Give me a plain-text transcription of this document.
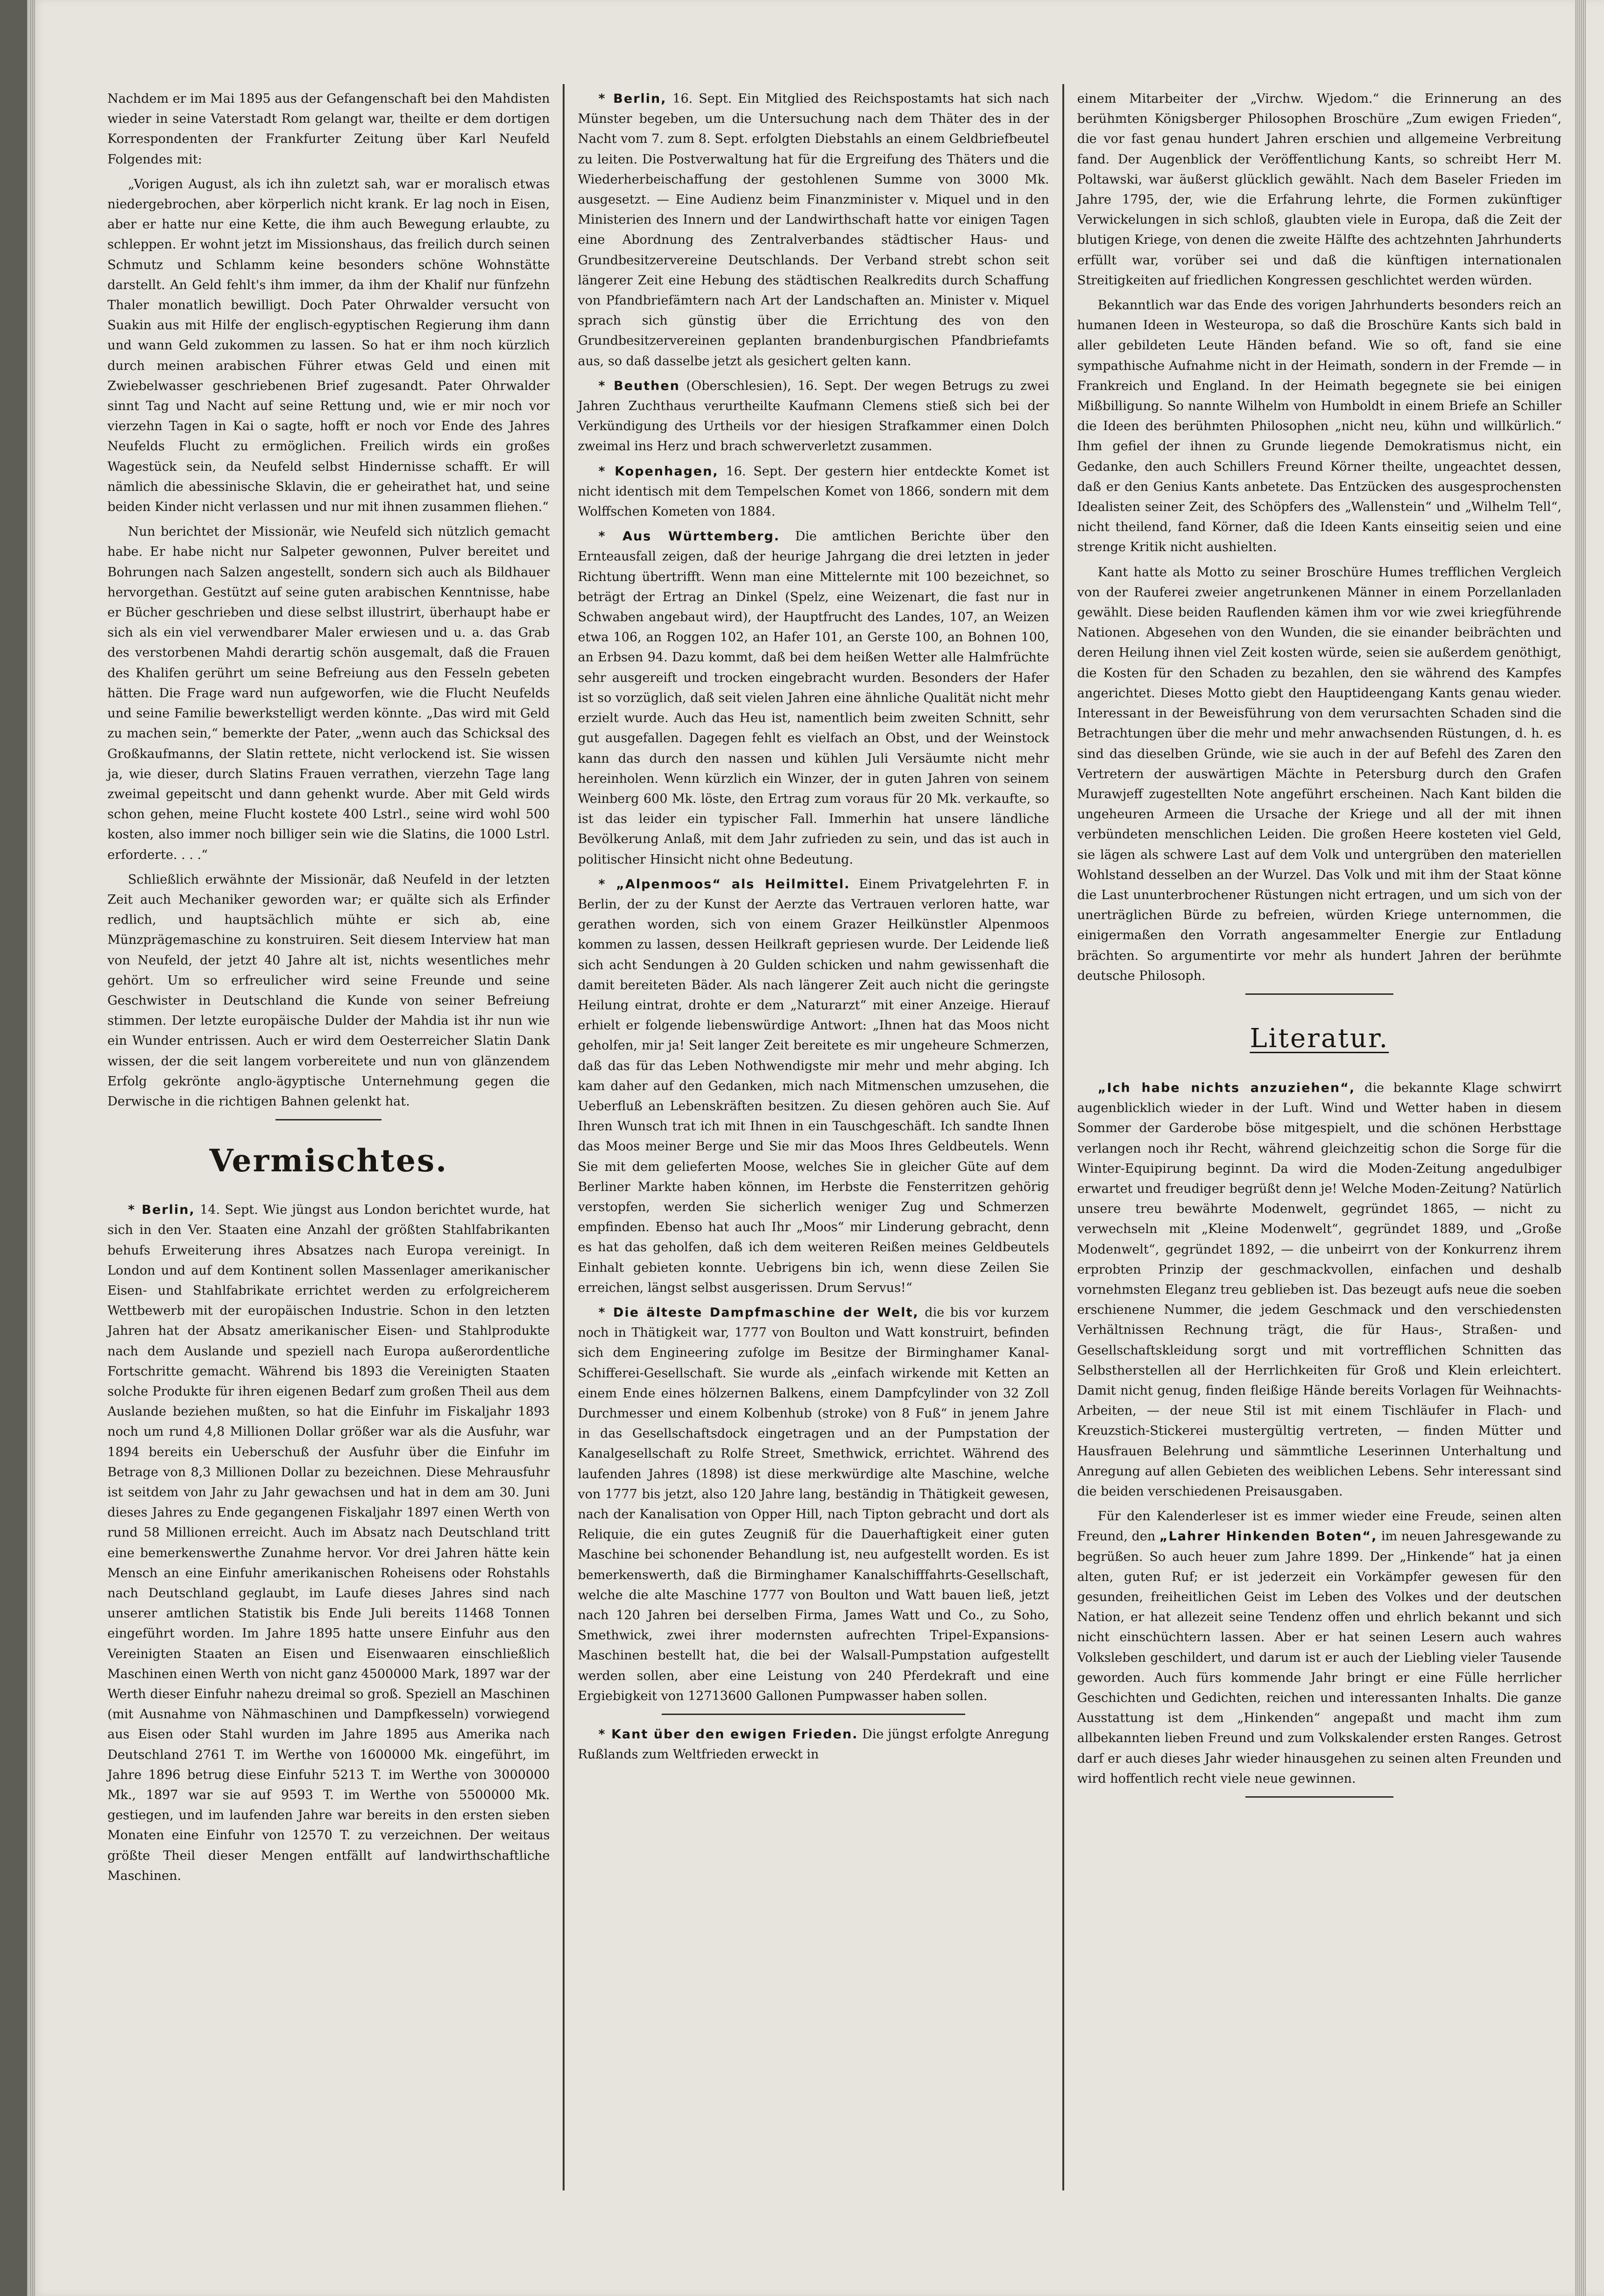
Nachdem er im Mai 1895 aus der Gefangenschaft bei den Mahdisten wieder in seine Vaterstadt Rom gelangt war, theilte er dem dortigen Korrespondenten der Frankfurter Zeitung über Karl Neufeld Folgendes mit:

„Vorigen August, als ich ihn zuletzt sah, war er moralisch etwas niedergebrochen, aber körperlich nicht krank. Er lag noch in Eisen, aber er hatte nur eine Kette, die ihm auch Bewegung erlaubte, zu schleppen. Er wohnt jetzt im Missionshaus, das freilich durch seinen Schmutz und Schlamm keine besonders schöne Wohnstätte darstellt. An Geld fehlt's ihm immer, da ihm der Khalif nur fünfzehn Thaler monatlich bewilligt. Doch Pater Ohrwalder versucht von Suakin aus mit Hilfe der englisch-egyptischen Regierung ihm dann und wann Geld zukommen zu lassen. So hat er ihm noch kürzlich durch meinen arabischen Führer etwas Geld und einen mit Zwiebelwasser geschriebenen Brief zugesandt. Pater Ohrwalder sinnt Tag und Nacht auf seine Rettung und, wie er mir noch vor vierzehn Tagen in Kai o sagte, hofft er noch vor Ende des Jahres Neufelds Flucht zu ermöglichen. Freilich wirds ein großes Wagestück sein, da Neufeld selbst Hindernisse schafft. Er will nämlich die abessinische Sklavin, die er geheirathet hat, und seine beiden Kinder nicht verlassen und nur mit ihnen zusammen fliehen.“

Nun berichtet der Missionär, wie Neufeld sich nützlich gemacht habe. Er habe nicht nur Salpeter gewonnen, Pulver bereitet und Bohrungen nach Salzen angestellt, sondern sich auch als Bildhauer hervorgethan. Gestützt auf seine guten arabischen Kenntnisse, habe er Bücher geschrieben und diese selbst illustrirt, überhaupt habe er sich als ein viel verwendbarer Maler erwiesen und u. a. das Grab des verstorbenen Mahdi derartig schön ausgemalt, daß die Frauen des Khalifen gerührt um seine Befreiung aus den Fesseln gebeten hätten. Die Frage ward nun aufgeworfen, wie die Flucht Neufelds und seine Familie bewerkstelligt werden könnte. „Das wird mit Geld zu machen sein,“ bemerkte der Pater, „wenn auch das Schicksal des Großkaufmanns, der Slatin rettete, nicht verlockend ist. Sie wissen ja, wie dieser, durch Slatins Frauen verrathen, vierzehn Tage lang zweimal gepeitscht und dann gehenkt wurde. Aber mit Geld wirds schon gehen, meine Flucht kostete 400 Lstrl., seine wird wohl 500 kosten, also immer noch billiger sein wie die Slatins, die 1000 Lstrl. erforderte. . . .“

Schließlich erwähnte der Missionär, daß Neufeld in der letzten Zeit auch Mechaniker geworden war; er quälte sich als Erfinder redlich, und hauptsächlich mühte er sich ab, eine Münzprägemaschine zu konstruiren. Seit diesem Interview hat man von Neufeld, der jetzt 40 Jahre alt ist, nichts wesentliches mehr gehört. Um so erfreulicher wird seine Freunde und seine Geschwister in Deutschland die Kunde von seiner Befreiung stimmen. Der letzte europäische Dulder der Mahdia ist ihr nun wie ein Wunder entrissen. Auch er wird dem Oesterreicher Slatin Dank wissen, der die seit langem vorbereitete und nun von glänzendem Erfolg gekrönte anglo-ägyptische Unternehmung gegen die Derwische in die richtigen Bahnen gelenkt hat.

Vermischtes.

* Berlin, 14. Sept. Wie jüngst aus London berichtet wurde, hat sich in den Ver. Staaten eine Anzahl der größten Stahlfabrikanten behufs Erweiterung ihres Absatzes nach Europa vereinigt. In London und auf dem Kontinent sollen Massenlager amerikanischer Eisen- und Stahlfabrikate errichtet werden zu erfolgreicherem Wettbewerb mit der europäischen Industrie. Schon in den letzten Jahren hat der Absatz amerikanischer Eisen- und Stahlprodukte nach dem Auslande und speziell nach Europa außerordentliche Fortschritte gemacht. Während bis 1893 die Vereinigten Staaten solche Produkte für ihren eigenen Bedarf zum großen Theil aus dem Auslande beziehen mußten, so hat die Einfuhr im Fiskaljahr 1893 noch um rund 4,8 Millionen Dollar größer war als die Ausfuhr, war 1894 bereits ein Ueberschuß der Ausfuhr über die Einfuhr im Betrage von 8,3 Millionen Dollar zu bezeichnen. Diese Mehrausfuhr ist seitdem von Jahr zu Jahr gewachsen und hat in dem am 30. Juni dieses Jahres zu Ende gegangenen Fiskaljahr 1897 einen Werth von rund 58 Millionen erreicht. Auch im Absatz nach Deutschland tritt eine bemerkenswerthe Zunahme hervor. Vor drei Jahren hätte kein Mensch an eine Einfuhr amerikanischen Roheisens oder Rohstahls nach Deutschland geglaubt, im Laufe dieses Jahres sind nach unserer amtlichen Statistik bis Ende Juli bereits 11468 Tonnen eingeführt worden. Im Jahre 1895 hatte unsere Einfuhr aus den Vereinigten Staaten an Eisen und Eisenwaaren einschließlich Maschinen einen Werth von nicht ganz 4500000 Mark, 1897 war der Werth dieser Einfuhr nahezu dreimal so groß. Speziell an Maschinen (mit Ausnahme von Nähmaschinen und Dampfkesseln) vorwiegend aus Eisen oder Stahl wurden im Jahre 1895 aus Amerika nach Deutschland 2761 T. im Werthe von 1600000 Mk. eingeführt, im Jahre 1896 betrug diese Einfuhr 5213 T. im Werthe von 3000000 Mk., 1897 war sie auf 9593 T. im Werthe von 5500000 Mk. gestiegen, und im laufenden Jahre war bereits in den ersten sieben Monaten eine Einfuhr von 12570 T. zu verzeichnen. Der weitaus größte Theil dieser Mengen entfällt auf landwirthschaftliche Maschinen.

* Berlin, 16. Sept. Ein Mitglied des Reichspostamts hat sich nach Münster begeben, um die Untersuchung nach dem Thäter des in der Nacht vom 7. zum 8. Sept. erfolgten Diebstahls an einem Geldbriefbeutel zu leiten. Die Postverwaltung hat für die Ergreifung des Thäters und die Wiederherbeischaffung der gestohlenen Summe von 3000 Mk. ausgesetzt. — Eine Audienz beim Finanzminister v. Miquel und in den Ministerien des Innern und der Landwirthschaft hatte vor einigen Tagen eine Abordnung des Zentralverbandes städtischer Haus- und Grundbesitzervereine Deutschlands. Der Verband strebt schon seit längerer Zeit eine Hebung des städtischen Realkredits durch Schaffung von Pfandbriefämtern nach Art der Landschaften an. Minister v. Miquel sprach sich günstig über die Errichtung des von den Grundbesitzervereinen geplanten brandenburgischen Pfandbriefamts aus, so daß dasselbe jetzt als gesichert gelten kann.

* Beuthen (Oberschlesien), 16. Sept. Der wegen Betrugs zu zwei Jahren Zuchthaus verurtheilte Kaufmann Clemens stieß sich bei der Verkündigung des Urtheils vor der hiesigen Strafkammer einen Dolch zweimal ins Herz und brach schwerverletzt zusammen.

* Kopenhagen, 16. Sept. Der gestern hier entdeckte Komet ist nicht identisch mit dem Tempelschen Komet von 1866, sondern mit dem Wolffschen Kometen von 1884.

* Aus Württemberg. Die amtlichen Berichte über den Ernteausfall zeigen, daß der heurige Jahrgang die drei letzten in jeder Richtung übertrifft. Wenn man eine Mittelernte mit 100 bezeichnet, so beträgt der Ertrag an Dinkel (Spelz, eine Weizenart, die fast nur in Schwaben angebaut wird), der Hauptfrucht des Landes, 107, an Weizen etwa 106, an Roggen 102, an Hafer 101, an Gerste 100, an Bohnen 100, an Erbsen 94. Dazu kommt, daß bei dem heißen Wetter alle Halmfrüchte sehr ausgereift und trocken eingebracht wurden. Besonders der Hafer ist so vorzüglich, daß seit vielen Jahren eine ähnliche Qualität nicht mehr erzielt wurde. Auch das Heu ist, namentlich beim zweiten Schnitt, sehr gut ausgefallen. Dagegen fehlt es vielfach an Obst, und der Weinstock kann das durch den nassen und kühlen Juli Versäumte nicht mehr hereinholen. Wenn kürzlich ein Winzer, der in guten Jahren von seinem Weinberg 600 Mk. löste, den Ertrag zum voraus für 20 Mk. verkaufte, so ist das leider ein typischer Fall. Immerhin hat unsere ländliche Bevölkerung Anlaß, mit dem Jahr zufrieden zu sein, und das ist auch in politischer Hinsicht nicht ohne Bedeutung.

* „Alpenmoos“ als Heilmittel. Einem Privatgelehrten F. in Berlin, der zu der Kunst der Aerzte das Vertrauen verloren hatte, war gerathen worden, sich von einem Grazer Heilkünstler Alpenmoos kommen zu lassen, dessen Heilkraft gepriesen wurde. Der Leidende ließ sich acht Sendungen à 20 Gulden schicken und nahm gewissenhaft die damit bereiteten Bäder. Als nach längerer Zeit auch nicht die geringste Heilung eintrat, drohte er dem „Naturarzt“ mit einer Anzeige. Hierauf erhielt er folgende liebenswürdige Antwort: „Ihnen hat das Moos nicht geholfen, mir ja! Seit langer Zeit bereitete es mir ungeheure Schmerzen, daß das für das Leben Nothwendigste mir mehr und mehr abging. Ich kam daher auf den Gedanken, mich nach Mitmenschen umzusehen, die Ueberfluß an Lebenskräften besitzen. Zu diesen gehören auch Sie. Auf Ihren Wunsch trat ich mit Ihnen in ein Tauschgeschäft. Ich sandte Ihnen das Moos meiner Berge und Sie mir das Moos Ihres Geldbeutels. Wenn Sie mit dem gelieferten Moose, welches Sie in gleicher Güte auf dem Berliner Markte haben können, im Herbste die Fensterritzen gehörig verstopfen, werden Sie sicherlich weniger Zug und Schmerzen empfinden. Ebenso hat auch Ihr „Moos“ mir Linderung gebracht, denn es hat das geholfen, daß ich dem weiteren Reißen meines Geldbeutels Einhalt gebieten konnte. Uebrigens bin ich, wenn diese Zeilen Sie erreichen, längst selbst ausgerissen. Drum Servus!“

* Die älteste Dampfmaschine der Welt, die bis vor kurzem noch in Thätigkeit war, 1777 von Boulton und Watt konstruirt, befinden sich dem Engineering zufolge im Besitze der Birminghamer Kanal-Schifferei-Gesellschaft. Sie wurde als „einfach wirkende mit Ketten an einem Ende eines hölzernen Balkens, einem Dampfcylinder von 32 Zoll Durchmesser und einem Kolbenhub (stroke) von 8 Fuß“ in jenem Jahre in das Gesellschaftsdock eingetragen und an der Pumpstation der Kanalgesellschaft zu Rolfe Street, Smethwick, errichtet. Während des laufenden Jahres (1898) ist diese merkwürdige alte Maschine, welche von 1777 bis jetzt, also 120 Jahre lang, beständig in Thätigkeit gewesen, nach der Kanalisation von Opper Hill, nach Tipton gebracht und dort als Reliquie, die ein gutes Zeugniß für die Dauerhaftigkeit einer guten Maschine bei schonender Behandlung ist, neu aufgestellt worden. Es ist bemerkenswerth, daß die Birminghamer Kanalschifffahrts-Gesellschaft, welche die alte Maschine 1777 von Boulton und Watt bauen ließ, jetzt nach 120 Jahren bei derselben Firma, James Watt und Co., zu Soho, Smethwick, zwei ihrer modernsten aufrechten Tripel-Expansions-Maschinen bestellt hat, die bei der Walsall-Pumpstation aufgestellt werden sollen, aber eine Leistung von 240 Pferdekraft und eine Ergiebigkeit von 12713600 Gallonen Pumpwasser haben sollen.

* Kant über den ewigen Frieden. Die jüngst erfolgte Anregung Rußlands zum Weltfrieden erweckt in

einem Mitarbeiter der „Virchw. Wjedom.“ die Erinnerung an des berühmten Königsberger Philosophen Broschüre „Zum ewigen Frieden“, die vor fast genau hundert Jahren erschien und allgemeine Verbreitung fand. Der Augenblick der Veröffentlichung Kants, so schreibt Herr M. Poltawski, war äußerst glücklich gewählt. Nach dem Baseler Frieden im Jahre 1795, der, wie die Erfahrung lehrte, die Formen zukünftiger Verwickelungen in sich schloß, glaubten viele in Europa, daß die Zeit der blutigen Kriege, von denen die zweite Hälfte des achtzehnten Jahrhunderts erfüllt war, vorüber sei und daß die künftigen internationalen Streitigkeiten auf friedlichen Kongressen geschlichtet werden würden.

Bekanntlich war das Ende des vorigen Jahrhunderts besonders reich an humanen Ideen in Westeuropa, so daß die Broschüre Kants sich bald in aller gebildeten Leute Händen befand. Wie so oft, fand sie eine sympathische Aufnahme nicht in der Heimath, sondern in der Fremde — in Frankreich und England. In der Heimath begegnete sie bei einigen Mißbilligung. So nannte Wilhelm von Humboldt in einem Briefe an Schiller die Ideen des berühmten Philosophen „nicht neu, kühn und willkürlich.“ Ihm gefiel der ihnen zu Grunde liegende Demokratismus nicht, ein Gedanke, den auch Schillers Freund Körner theilte, ungeachtet dessen, daß er den Genius Kants anbetete. Das Entzücken des ausgesprochensten Idealisten seiner Zeit, des Schöpfers des „Wallenstein“ und „Wilhelm Tell“, nicht theilend, fand Körner, daß die Ideen Kants einseitig seien und eine strenge Kritik nicht aushielten.

Kant hatte als Motto zu seiner Broschüre Humes trefflichen Vergleich von der Rauferei zweier angetrunkenen Männer in einem Porzellanladen gewählt. Diese beiden Rauflenden kämen ihm vor wie zwei kriegführende Nationen. Abgesehen von den Wunden, die sie einander beibrächten und deren Heilung ihnen viel Zeit kosten würde, seien sie außerdem genöthigt, die Kosten für den Schaden zu bezahlen, den sie während des Kampfes angerichtet. Dieses Motto giebt den Hauptideengang Kants genau wieder. Interessant in der Beweisführung von dem verursachten Schaden sind die Betrachtungen über die mehr und mehr anwachsenden Rüstungen, d. h. es sind das dieselben Gründe, wie sie auch in der auf Befehl des Zaren den Vertretern der auswärtigen Mächte in Petersburg durch den Grafen Murawjeff zugestellten Note angeführt erscheinen. Nach Kant bilden die ungeheuren Armeen die Ursache der Kriege und all der mit ihnen verbündeten menschlichen Leiden. Die großen Heere kosteten viel Geld, sie lägen als schwere Last auf dem Volk und untergrüben den materiellen Wohlstand desselben an der Wurzel. Das Volk und mit ihm der Staat könne die Last ununterbrochener Rüstungen nicht ertragen, und um sich von der unerträglichen Bürde zu befreien, würden Kriege unternommen, die einigermaßen den Vorrath angesammelter Energie zur Entladung brächten. So argumentirte vor mehr als hundert Jahren der berühmte deutsche Philosoph.

Literatur.

„Ich habe nichts anzuziehen“, die bekannte Klage schwirrt augenblicklich wieder in der Luft. Wind und Wetter haben in diesem Sommer der Garderobe böse mitgespielt, und die schönen Herbsttage verlangen noch ihr Recht, während gleichzeitig schon die Sorge für die Winter-Equipirung beginnt. Da wird die Moden-Zeitung angedulbiger erwartet und freudiger begrüßt denn je! Welche Moden-Zeitung? Natürlich unsere treu bewährte Modenwelt, gegründet 1865, — nicht zu verwechseln mit „Kleine Modenwelt“, gegründet 1889, und „Große Modenwelt“, gegründet 1892, — die unbeirrt von der Konkurrenz ihrem erprobten Prinzip der geschmackvollen, einfachen und deshalb vornehmsten Eleganz treu geblieben ist. Das bezeugt aufs neue die soeben erschienene Nummer, die jedem Geschmack und den verschiedensten Verhältnissen Rechnung trägt, die für Haus-, Straßen- und Gesellschaftskleidung sorgt und mit vortrefflichen Schnitten das Selbstherstellen all der Herrlichkeiten für Groß und Klein erleichtert. Damit nicht genug, finden fleißige Hände bereits Vorlagen für Weihnachts-Arbeiten, — der neue Stil ist mit einem Tischläufer in Flach- und Kreuzstich-Stickerei mustergültig vertreten, — finden Mütter und Hausfrauen Belehrung und sämmtliche Leserinnen Unterhaltung und Anregung auf allen Gebieten des weiblichen Lebens. Sehr interessant sind die beiden verschiedenen Preisausgaben.

Für den Kalenderleser ist es immer wieder eine Freude, seinen alten Freund, den „Lahrer Hinkenden Boten“, im neuen Jahresgewande zu begrüßen. So auch heuer zum Jahre 1899. Der „Hinkende“ hat ja einen alten, guten Ruf; er ist jederzeit ein Vorkämpfer gewesen für den gesunden, freiheitlichen Geist im Leben des Volkes und der deutschen Nation, er hat allezeit seine Tendenz offen und ehrlich bekannt und sich nicht einschüchtern lassen. Aber er hat seinen Lesern auch wahres Volksleben geschildert, und darum ist er auch der Liebling vieler Tausende geworden. Auch fürs kommende Jahr bringt er eine Fülle herrlicher Geschichten und Gedichten, reichen und interessanten Inhalts. Die ganze Ausstattung ist dem „Hinkenden“ angepaßt und macht ihm zum allbekannten lieben Freund und zum Volkskalender ersten Ranges. Getrost darf er auch dieses Jahr wieder hinausgehen zu seinen alten Freunden und wird hoffentlich recht viele neue gewinnen.
